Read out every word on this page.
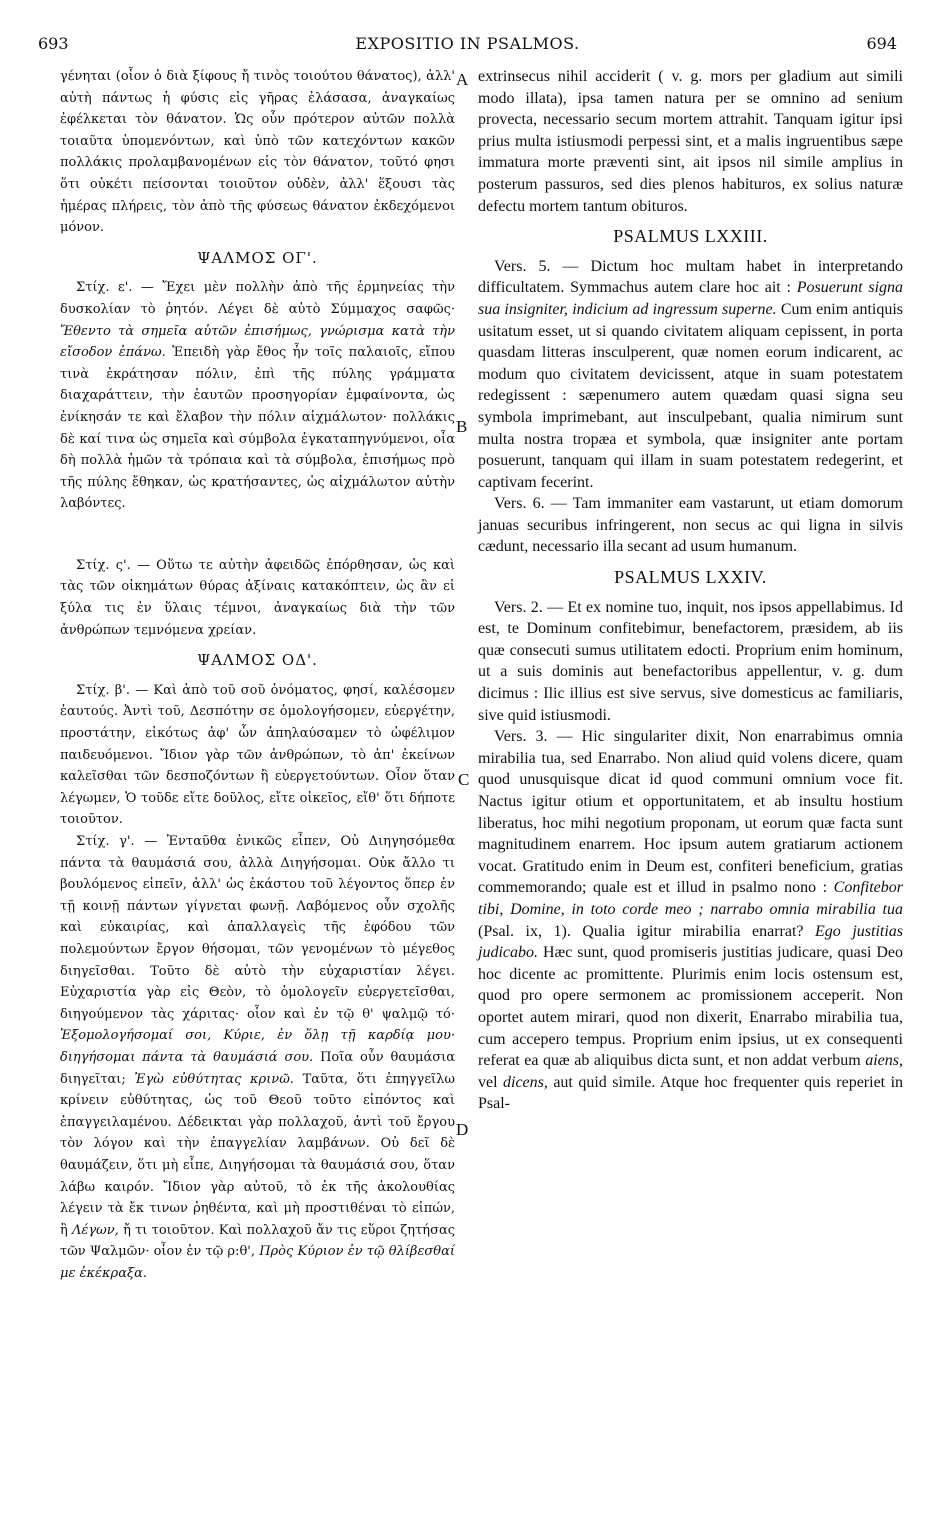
693	EXPOSITIO IN PSALMOS.	694
A
B
C
D

γένηται (οἷον ὁ διὰ ξίφους ἤ τινὸς τοιούτου θάνατος), ἀλλ' αὐτὴ πάντως ἡ φύσις εἰς γῆρας ἐλάσασα, ἀναγκαίως ἐφέλκεται τὸν θάνατον. Ὡς οὖν πρότερον αὐτῶν πολλὰ τοιαῦτα ὑπομενόντων, καὶ ὑπὸ τῶν κατεχόντων κακῶν πολλάκις προλαμβανομένων εἰς τὸν θάνατον, τοῦτό φησι ὅτι οὐκέτι πείσονται τοιοῦτον οὐδὲν, ἀλλ' ἕξουσι τὰς ἡμέρας πλήρεις, τὸν ἀπὸ τῆς φύσεως θάνατον ἐκδεχόμενοι μόνον.

ΨΑΛΜΟΣ ΟΓ'.

Στίχ. ε'. — Ἔχει μὲν πολλὴν ἀπὸ τῆς ἑρμηνείας τὴν δυσκολίαν τὸ ῥητόν. Λέγει δὲ αὐτὸ Σύμμαχος σαφῶς· Ἔθεντο τὰ σημεῖα αὐτῶν ἐπισήμως, γνώρισμα κατὰ τὴν εἴσοδον ἐπάνω. Ἐπειδὴ γὰρ ἔθος ἦν τοῖς παλαιοῖς, εἴπου τινὰ ἐκράτησαν πόλιν, ἐπὶ τῆς πύλης γράμματα διαχαράττειν, τὴν ἑαυτῶν προσηγορίαν ἐμφαίνοντα, ὡς ἐνίκησάν τε καὶ ἔλαβον τὴν πόλιν αἰχμάλωτον· πολλάκις δὲ καί τινα ὡς σημεῖα καὶ σύμβολα ἐγκαταπηγνύμενοι, οἷα δὴ πολλὰ ἡμῶν τὰ τρόπαια καὶ τὰ σύμβολα, ἐπισήμως πρὸ τῆς πύλης ἔθηκαν, ὡς κρατήσαντες, ὡς αἰχμάλωτον αὐτὴν λαβόντες.

Στίχ. ς'. — Οὕτω τε αὐτὴν ἀφειδῶς ἐπόρθησαν, ὡς καὶ τὰς τῶν οἰκημάτων θύρας ἀξίναις κατακόπτειν, ὡς ἂν εἰ ξύλα τις ἐν ὕλαις τέμνοι, ἀναγκαίως διὰ τὴν τῶν ἀνθρώπων τεμνόμενα χρείαν.

ΨΑΛΜΟΣ ΟΔ'.

Στίχ. β'. — Καὶ ἀπὸ τοῦ σοῦ ὀνόματος, φησί, καλέσομεν ἑαυτούς. Ἀντὶ τοῦ, Δεσπότην σε ὁμολογήσομεν, εὐεργέτην, προστάτην, εἰκότως ἀφ' ὧν ἀπηλαύσαμεν τὸ ὠφέλιμον παιδευόμενοι. Ἴδιον γὰρ τῶν ἀνθρώπων, τὸ ἀπ' ἐκείνων καλεῖσθαι τῶν δεσποζόντων ἢ εὐεργετούντων. Οἷον ὅταν λέγωμεν, Ὁ τοῦδε εἴτε δοῦλος, εἴτε οἰκεῖος, εἴθ' ὅτι δήποτε τοιοῦτον.

Στίχ. γ'. — Ἐνταῦθα ἑνικῶς εἶπεν, Οὐ Διηγησόμεθα πάντα τὰ θαυμάσιά σου, ἀλλὰ Διηγήσομαι. Οὐκ ἄλλο τι βουλόμενος εἰπεῖν, ἀλλ' ὡς ἑκάστου τοῦ λέγοντος ὅπερ ἐν τῇ κοινῇ πάντων γίγνεται φωνῇ. Λαβόμενος οὖν σχολῆς καὶ εὐκαιρίας, καὶ ἀπαλλαγεὶς τῆς ἐφόδου τῶν πολεμούντων ἔργον θήσομαι, τῶν γενομένων τὸ μέγεθος διηγεῖσθαι. Τοῦτο δὲ αὐτὸ τὴν εὐχαριστίαν λέγει. Εὐχαριστία γὰρ εἰς Θεὸν, τὸ ὁμολογεῖν εὐεργετεῖσθαι, διηγούμενον τὰς χάριτας· οἷον καὶ ἐν τῷ θ' ψαλμῷ τό· Ἐξομολογήσομαί σοι, Κύριε, ἐν ὅλῃ τῇ καρδίᾳ μου· διηγήσομαι πάντα τὰ θαυμάσιά σου. Ποῖα οὖν θαυμάσια διηγεῖται; Ἐγὼ εὐθύτητας κρινῶ. Ταῦτα, ὅτι ἐπηγγεῖλω κρίνειν εὐθύτητας, ὡς τοῦ Θεοῦ τοῦτο εἰπόντος καὶ ἐπαγγειλαμένου. Δέδεικται γὰρ πολλαχοῦ, ἀντὶ τοῦ ἔργου τὸν λόγον καὶ τὴν ἐπαγγελίαν λαμβάνων. Οὐ δεῖ δὲ θαυμάζειν, ὅτι μὴ εἶπε, Διηγήσομαι τὰ θαυμάσιά σου, ὅταν λάβω καιρόν. Ἴδιον γὰρ αὐτοῦ, τὸ ἐκ τῆς ἀκολουθίας λέγειν τὰ ἔκ τινων ῥηθέντα, καὶ μὴ προστιθέναι τὸ εἰπών, ἢ Λέγων, ἤ τι τοιοῦτον. Καὶ πολλαχοῦ ἄν τις εὕροι ζητήσας τῶν Ψαλμῶν· οἷον ἐν τῷ ρ:θ', Πρὸς Κύριον ἐν τῷ θλίβεσθαί με ἐκέκραξα.

extrinsecus nihil acciderit ( v. g. mors per gladium aut simili modo illata), ipsa tamen natura per se omnino ad senium provecta, necessario secum mortem attrahit. Tanquam igitur ipsi prius multa istiusmodi perpessi sint, et a malis ingruentibus sæpe immatura morte præventi sint, ait ipsos nil simile amplius in posterum passuros, sed dies plenos habituros, ex solius naturæ defectu mortem tantum obituros.

PSALMUS LXXIII.

Vers. 5. — Dictum hoc multam habet in interpretando difficultatem. Symmachus autem clare hoc ait : Posuerunt signa sua insigniter, indicium ad ingressum superne. Cum enim antiquis usitatum esset, ut si quando civitatem aliquam cepissent, in porta quasdam litteras insculperent, quæ nomen eorum indicarent, ac modum quo civitatem devicissent, atque in suam potestatem redegissent : sæpenumero autem quædam quasi signa seu symbola imprimebant, aut insculpebant, qualia nimirum sunt multa nostra tropæa et symbola, quæ insigniter ante portam posuerunt, tanquam qui illam in suam potestatem redegerint, et captivam fecerint.

Vers. 6. — Tam immaniter eam vastarunt, ut etiam domorum januas securibus infringerent, non secus ac qui ligna in silvis cædunt, necessario illa secant ad usum humanum.

PSALMUS LXXIV.

Vers. 2. — Et ex nomine tuo, inquit, nos ipsos appellabimus. Id est, te Dominum confitebimur, benefactorem, præsidem, ab iis quæ consecuti sumus utilitatem edocti. Proprium enim hominum, ut a suis dominis aut benefactoribus appellentur, v. g. dum dicimus : Ilic illius est sive servus, sive domesticus ac familiaris, sive quid istiusmodi.

Vers. 3. — Hic singulariter dixit, Non enarrabimus omnia mirabilia tua, sed Enarrabo. Non aliud quid volens dicere, quam quod unusquisque dicat id quod communi omnium voce fit. Nactus igitur otium et opportunitatem, et ab insultu hostium liberatus, hoc mihi negotium proponam, ut eorum quæ facta sunt magnitudinem enarrem. Hoc ipsum autem gratiarum actionem vocat. Gratitudo enim in Deum est, confiteri beneficium, gratias commemorando; quale est et illud in psalmo nono : Confitebor tibi, Domine, in toto corde meo ; narrabo omnia mirabilia tua (Psal. ix, 1). Qualia igitur mirabilia enarrat? Ego justitias judicabo. Hæc sunt, quod promiseris justitias judicare, quasi Deo hoc dicente ac promittente. Plurimis enim locis ostensum est, quod pro opere sermonem ac promissionem acceperit. Non oportet autem mirari, quod non dixerit, Enarrabo mirabilia tua, cum accepero tempus. Proprium enim ipsius, ut ex consequenti referat ea quæ ab aliquibus dicta sunt, et non addat verbum aiens, vel dicens, aut quid simile. Atque hoc frequenter quis reperiet in Psal-
